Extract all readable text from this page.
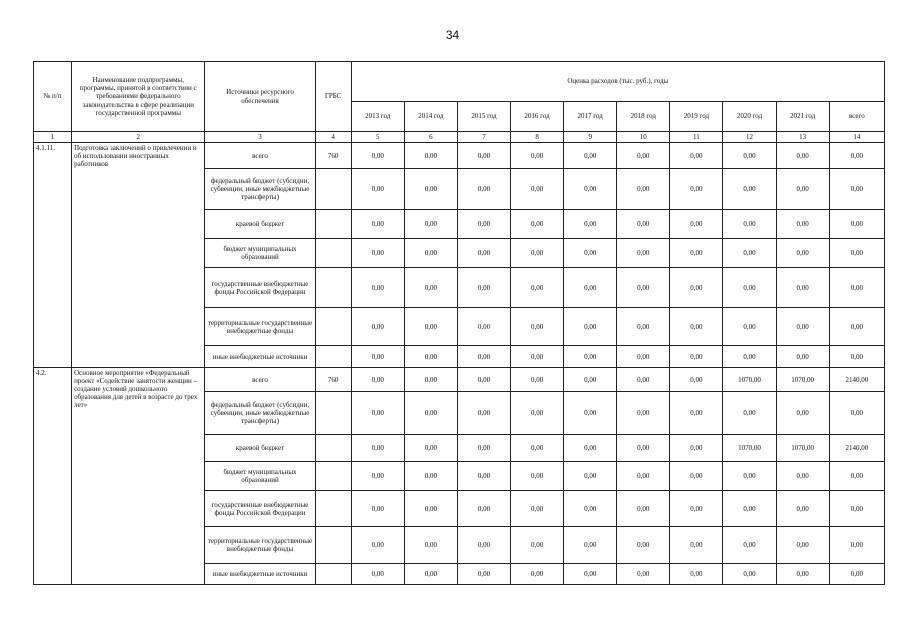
34
№ п/п	Наименование подпрограммы, программы, принятой в соответствии с требованиями федерального законодательства в сфере реализации государственной программы	Источники ресурсного обеспечения	ГРБС	Оценка расходов (тыс. руб.), годы									
				2013 год	2014 год	2015 год	2016 год	2017 год	2018 год	2019 год	2020 год	2021 год	всего
1	2	3	4	5	6	7	8	9	10	11	12	13	14
4.1.11.	Подготовка заключений о привлечении и об использовании иностранных работников	всего	760	0,00	0,00	0,00	0,00	0,00	0,00	0,00	0,00	0,00	0,00
		федеральный бюджет (субсидии, субвенции, иные межбюджетные трансферты)		0,00	0,00	0,00	0,00	0,00	0,00	0,00	0,00	0,00	0,00
		краевой бюджет		0,00	0,00	0,00	0,00	0,00	0,00	0,00	0,00	0,00	0,00
		бюджет муниципальных образований		0,00	0,00	0,00	0,00	0,00	0,00	0,00	0,00	0,00	0,00
		государственные внебюджетные фонды Российской Федерации		0,00	0,00	0,00	0,00	0,00	0,00	0,00	0,00	0,00	0,00
		территориальные государственные внебюджетные фонды		0,00	0,00	0,00	0,00	0,00	0,00	0,00	0,00	0,00	0,00
		иные внебюджетные источники		0,00	0,00	0,00	0,00	0,00	0,00	0,00	0,00	0,00	0,00
4.2.	Основное мероприятие «Федеральный проект «Содействие занятости женщин – создание условий дошкольного образования для детей в возрасте до трех лет»	всего	760	0,00	0,00	0,00	0,00	0,00	0,00	0,00	1070,00	1070,00	2140,00
		федеральный бюджет (субсидии, субвенции, иные межбюджетные трансферты)		0,00	0,00	0,00	0,00	0,00	0,00	0,00	0,00	0,00	0,00
		краевой бюджет		0,00	0,00	0,00	0,00	0,00	0,00	0,00	1070,00	1070,00	2140,00
		бюджет муниципальных образований		0,00	0,00	0,00	0,00	0,00	0,00	0,00	0,00	0,00	0,00
		государственные внебюджетные фонды Российской Федерации		0,00	0,00	0,00	0,00	0,00	0,00	0,00	0,00	0,00	0,00
		территориальные государственные внебюджетные фонды		0,00	0,00	0,00	0,00	0,00	0,00	0,00	0,00	0,00	0,00
		иные внебюджетные источники		0,00	0,00	0,00	0,00	0,00	0,00	0,00	0,00	0,00	0,00
